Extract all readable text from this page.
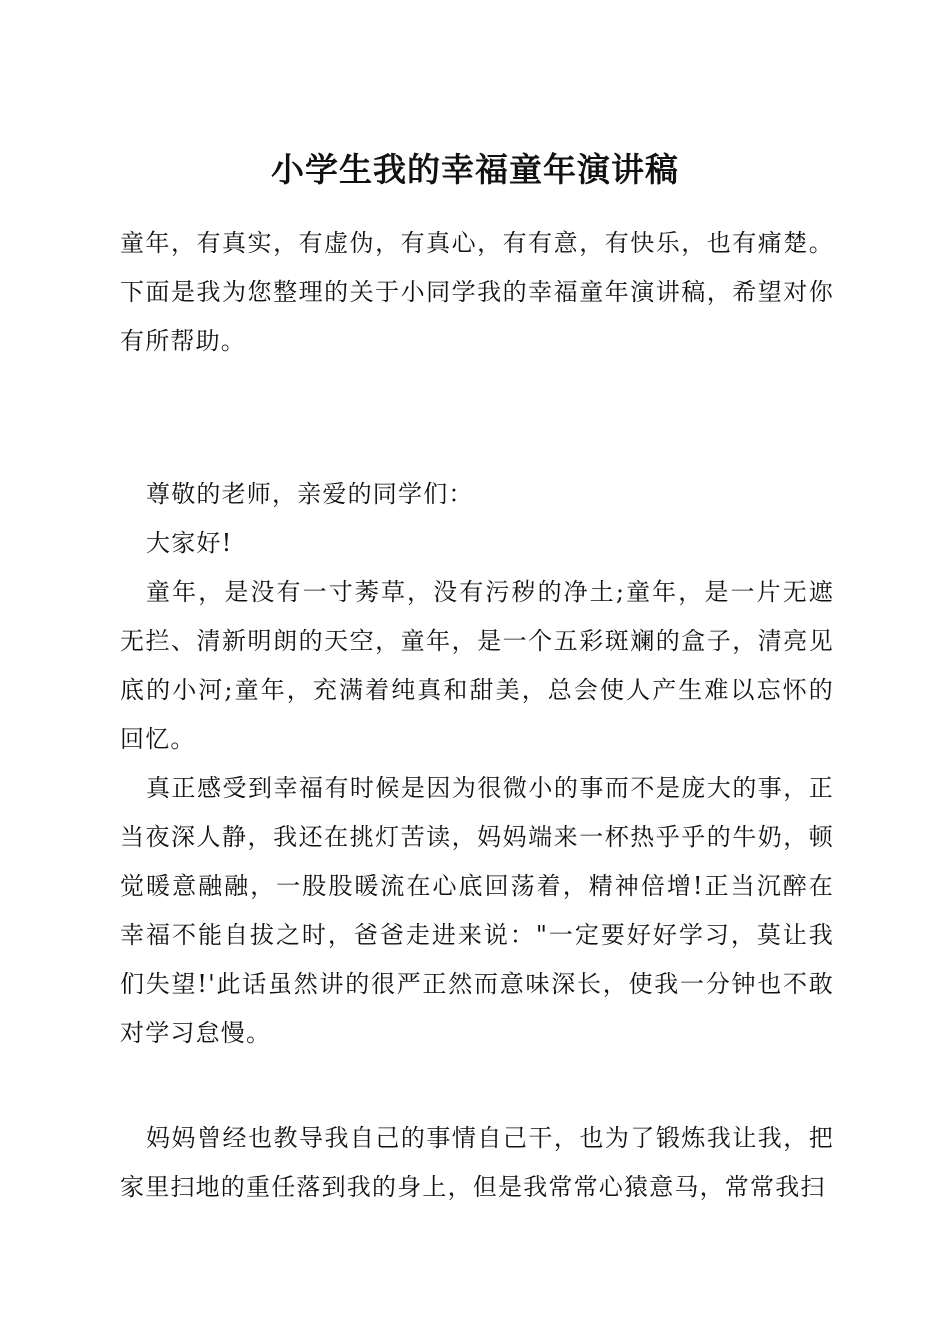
小学生我的幸福童年演讲稿

童年，有真实，有虚伪，有真心，有有意，有快乐，也有痛楚。下面是我为您整理的关于小同学我的幸福童年演讲稿，希望对你有所帮助。

尊敬的老师，亲爱的同学们：

大家好!

童年，是没有一寸莠草，没有污秽的净土;童年，是一片无遮无拦、清新明朗的天空，童年，是一个五彩斑斓的盒子，清亮见底的小河;童年，充满着纯真和甜美，总会使人产生难以忘怀的回忆。

真正感受到幸福有时候是因为很微小的事而不是庞大的事，正当夜深人静，我还在挑灯苦读，妈妈端来一杯热乎乎的牛奶，顿觉暖意融融，一股股暖流在心底回荡着，精神倍增!正当沉醉在幸福不能自拔之时，爸爸走进来说："一定要好好学习，莫让我们失望!'此话虽然讲的很严正然而意味深长，使我一分钟也不敢对学习怠慢。

妈妈曾经也教导我自己的事情自己干，也为了锻炼我让我，把家里扫地的重任落到我的身上，但是我常常心猿意马，常常我扫
